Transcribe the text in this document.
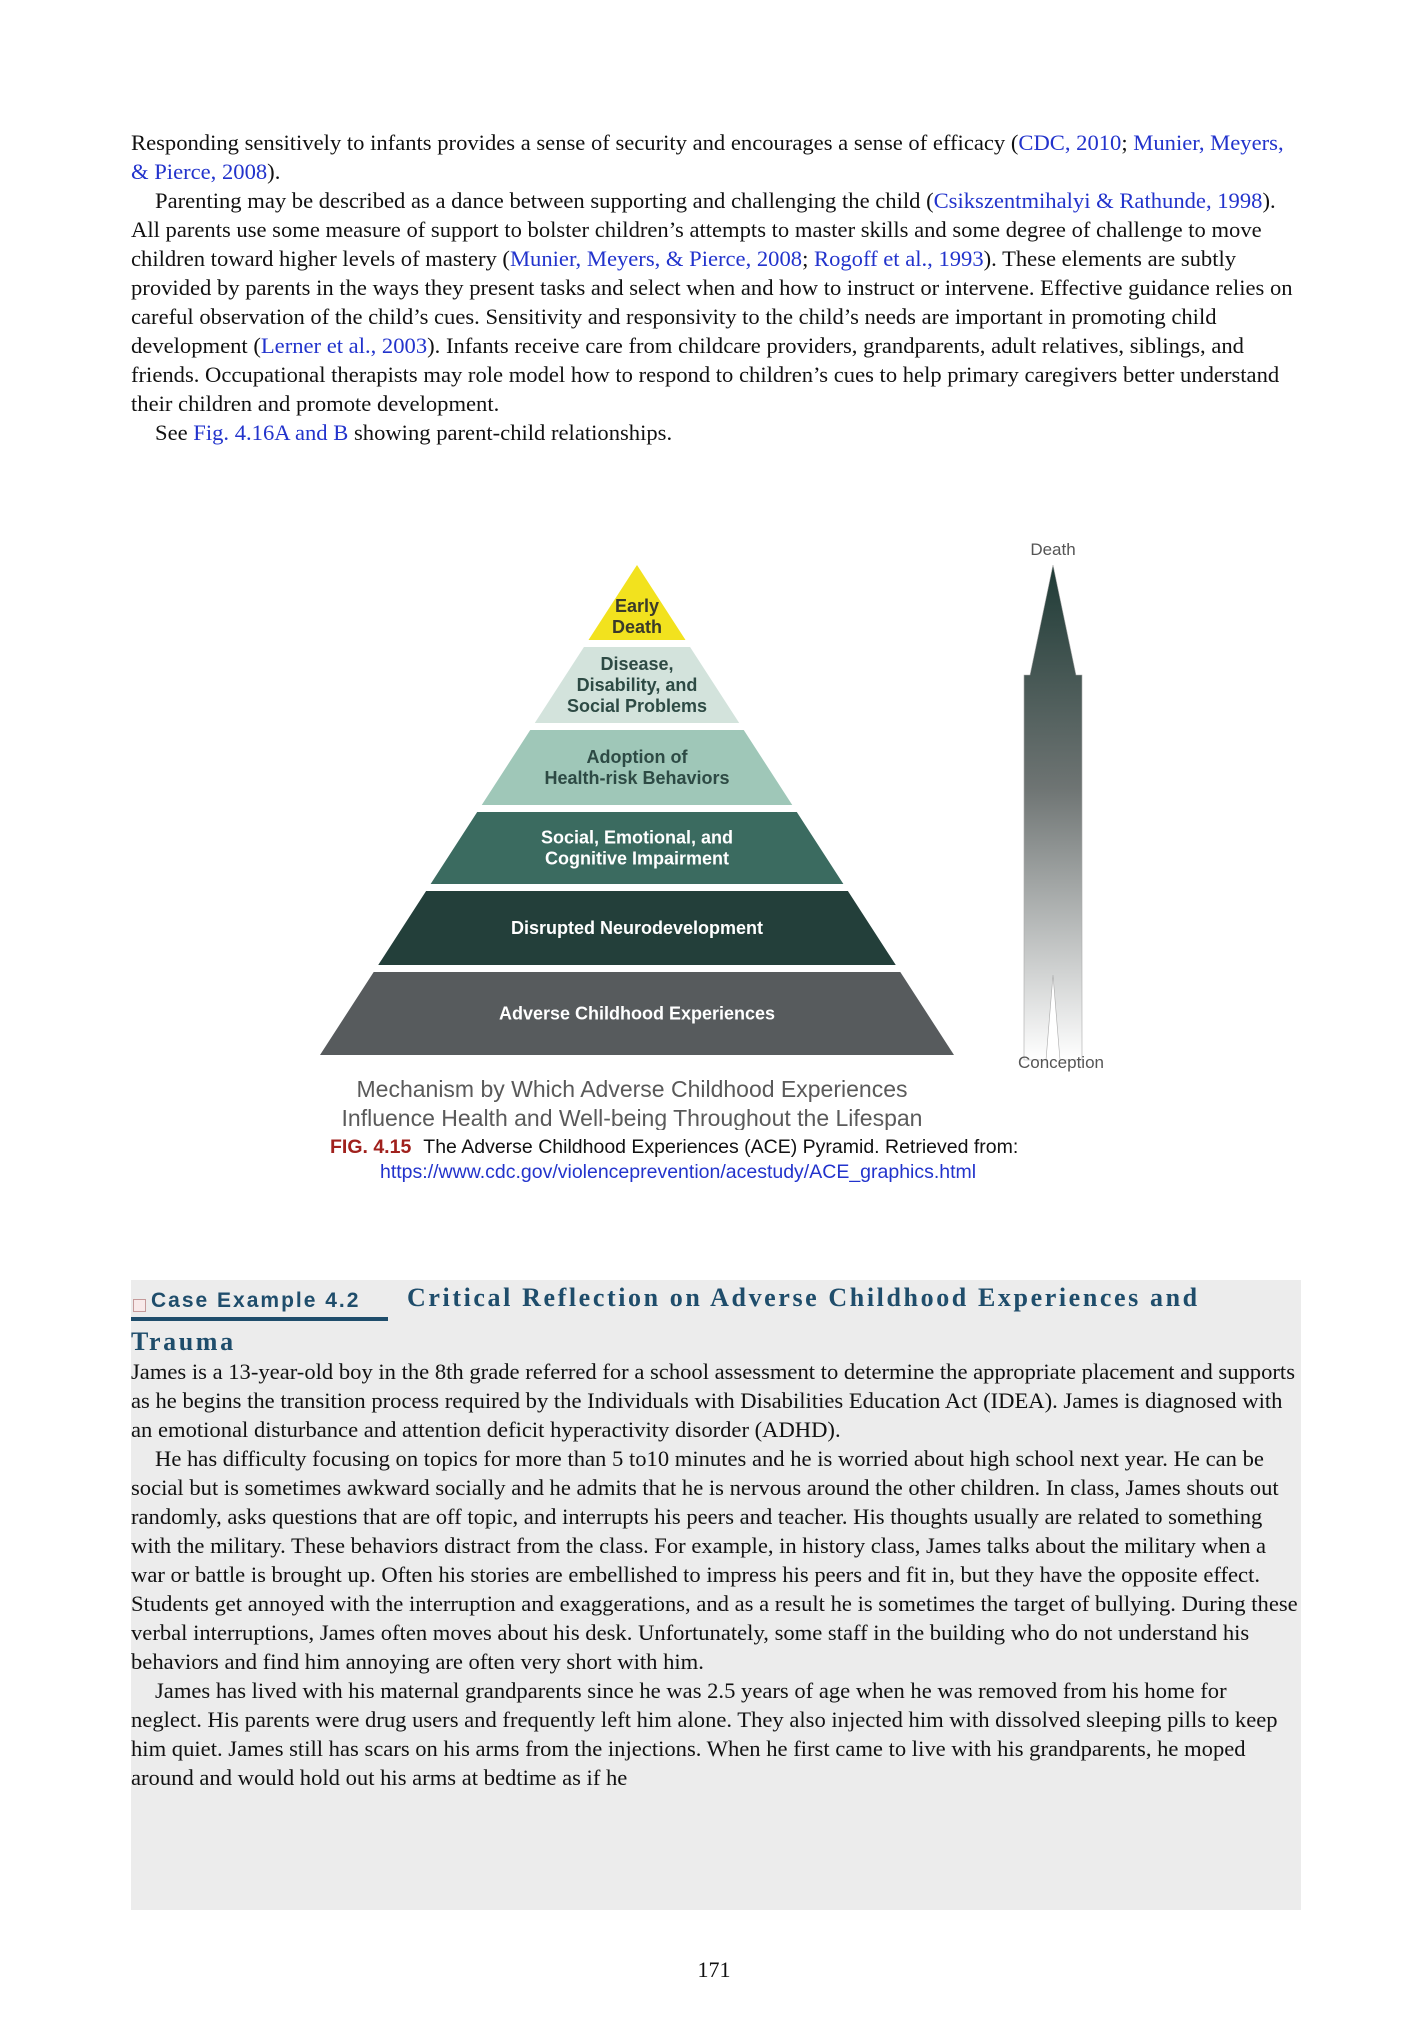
Responding sensitively to infants provides a sense of security and encourages a sense of efficacy (CDC, 2010; Munier, Meyers, & Pierce, 2008).

Parenting may be described as a dance between supporting and challenging the child (Csikszentmihalyi & Rathunde, 1998). All parents use some measure of support to bolster children’s attempts to master skills and some degree of challenge to move children toward higher levels of mastery (Munier, Meyers, & Pierce, 2008; Rogoff et al., 1993). These elements are subtly provided by parents in the ways they present tasks and select when and how to instruct or intervene. Effective guidance relies on careful observation of the child’s cues. Sensitivity and responsivity to the child’s needs are important in promoting child development (Lerner et al., 2003). Infants receive care from childcare providers, grandparents, adult relatives, siblings, and friends. Occupational therapists may role model how to respond to children’s cues to help primary caregivers better understand their children and promote development.

See Fig. 4.16A and B showing parent-child relationships.

Early
Death
Disease,
Disability, and
Social Problems
Adoption of
Health-risk Behaviors
Social, Emotional, and
Cognitive Impairment
Disrupted Neurodevelopment
Adverse Childhood Experiences
Death
Conception
Mechanism by Which Adverse Childhood Experiences
Influence Health and Well-being Throughout the Lifespan
FIG. 4.15 The Adverse Childhood Experiences (ACE) Pyramid. Retrieved from:
https://www.cdc.gov/violenceprevention/acestudy/ACE_graphics.html
Case Example 4.2	Critical Reflection on Adverse Childhood Experiences and
Trauma

James is a 13-year-old boy in the 8th grade referred for a school assessment to determine the appropriate placement and supports as he begins the transition process required by the Individuals with Disabilities Education Act (IDEA). James is diagnosed with an emotional disturbance and attention deficit hyperactivity disorder (ADHD).

He has difficulty focusing on topics for more than 5 to10 minutes and he is worried about high school next year. He can be social but is sometimes awkward socially and he admits that he is nervous around the other children. In class, James shouts out randomly, asks questions that are off topic, and interrupts his peers and teacher. His thoughts usually are related to something with the military. These behaviors distract from the class. For example, in history class, James talks about the military when a war or battle is brought up. Often his stories are embellished to impress his peers and fit in, but they have the opposite effect. Students get annoyed with the interruption and exaggerations, and as a result he is sometimes the target of bullying. During these verbal interruptions, James often moves about his desk. Unfortunately, some staff in the building who do not understand his behaviors and find him annoying are often very short with him.

James has lived with his maternal grandparents since he was 2.5 years of age when he was removed from his home for neglect. His parents were drug users and frequently left him alone. They also injected him with dissolved sleeping pills to keep him quiet. James still has scars on his arms from the injections. When he first came to live with his grandparents, he moped around and would hold out his arms at bedtime as if he

171
